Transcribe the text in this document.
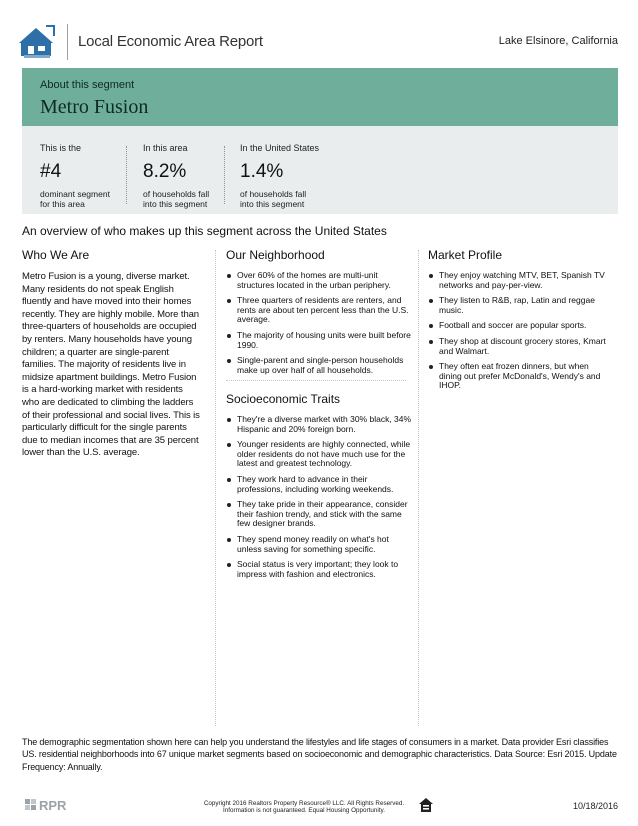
Local Economic Area Report	Lake Elsinore, California
About this segment
Metro Fusion
This is the
#4
dominant segment for this area
In this area
8.2%
of households fall into this segment
In the United States
1.4%
of households fall into this segment
An overview of who makes up this segment across the United States
Who We Are
Metro Fusion is a young, diverse market. Many residents do not speak English fluently and have moved into their homes recently. They are highly mobile. More than three-quarters of households are occupied by renters. Many households have young children; a quarter are single-parent families. The majority of residents live in midsize apartment buildings. Metro Fusion is a hard-working market with residents who are dedicated to climbing the ladders of their professional and social lives. This is particularly difficult for the single parents due to median incomes that are 35 percent lower than the U.S. average.
Our Neighborhood
Over 60% of the homes are multi-unit structures located in the urban periphery.
Three quarters of residents are renters, and rents are about ten percent less than the U.S. average.
The majority of housing units were built before 1990.
Single-parent and single-person households make up over half of all households.
Socioeconomic Traits
They're a diverse market with 30% black, 34% Hispanic and 20% foreign born.
Younger residents are highly connected, while older residents do not have much use for the latest and greatest technology.
They work hard to advance in their professions, including working weekends.
They take pride in their appearance, consider their fashion trendy, and stick with the same few designer brands.
They spend money readily on what's hot unless saving for something specific.
Social status is very important; they look to impress with fashion and electronics.
Market Profile
They enjoy watching MTV, BET, Spanish TV networks and pay-per-view.
They listen to R&B, rap, Latin and reggae music.
Football and soccer are popular sports.
They shop at discount grocery stores, Kmart and Walmart.
They often eat frozen dinners, but when dining out prefer McDonald's, Wendy's and IHOP.
The demographic segmentation shown here can help you understand the lifestyles and life stages of consumers in a market. Data provider Esri classifies US. residential neighborhoods into 67 unique market segments based on socioeconomic and demographic characteristics. Data Source: Esri 2015. Update Frequency: Annually.
RPR	Copyright 2016 Realtors Property Resource® LLC. All Rights Reserved.
Information is not guaranteed. Equal Housing Opportunity.	10/18/2016
